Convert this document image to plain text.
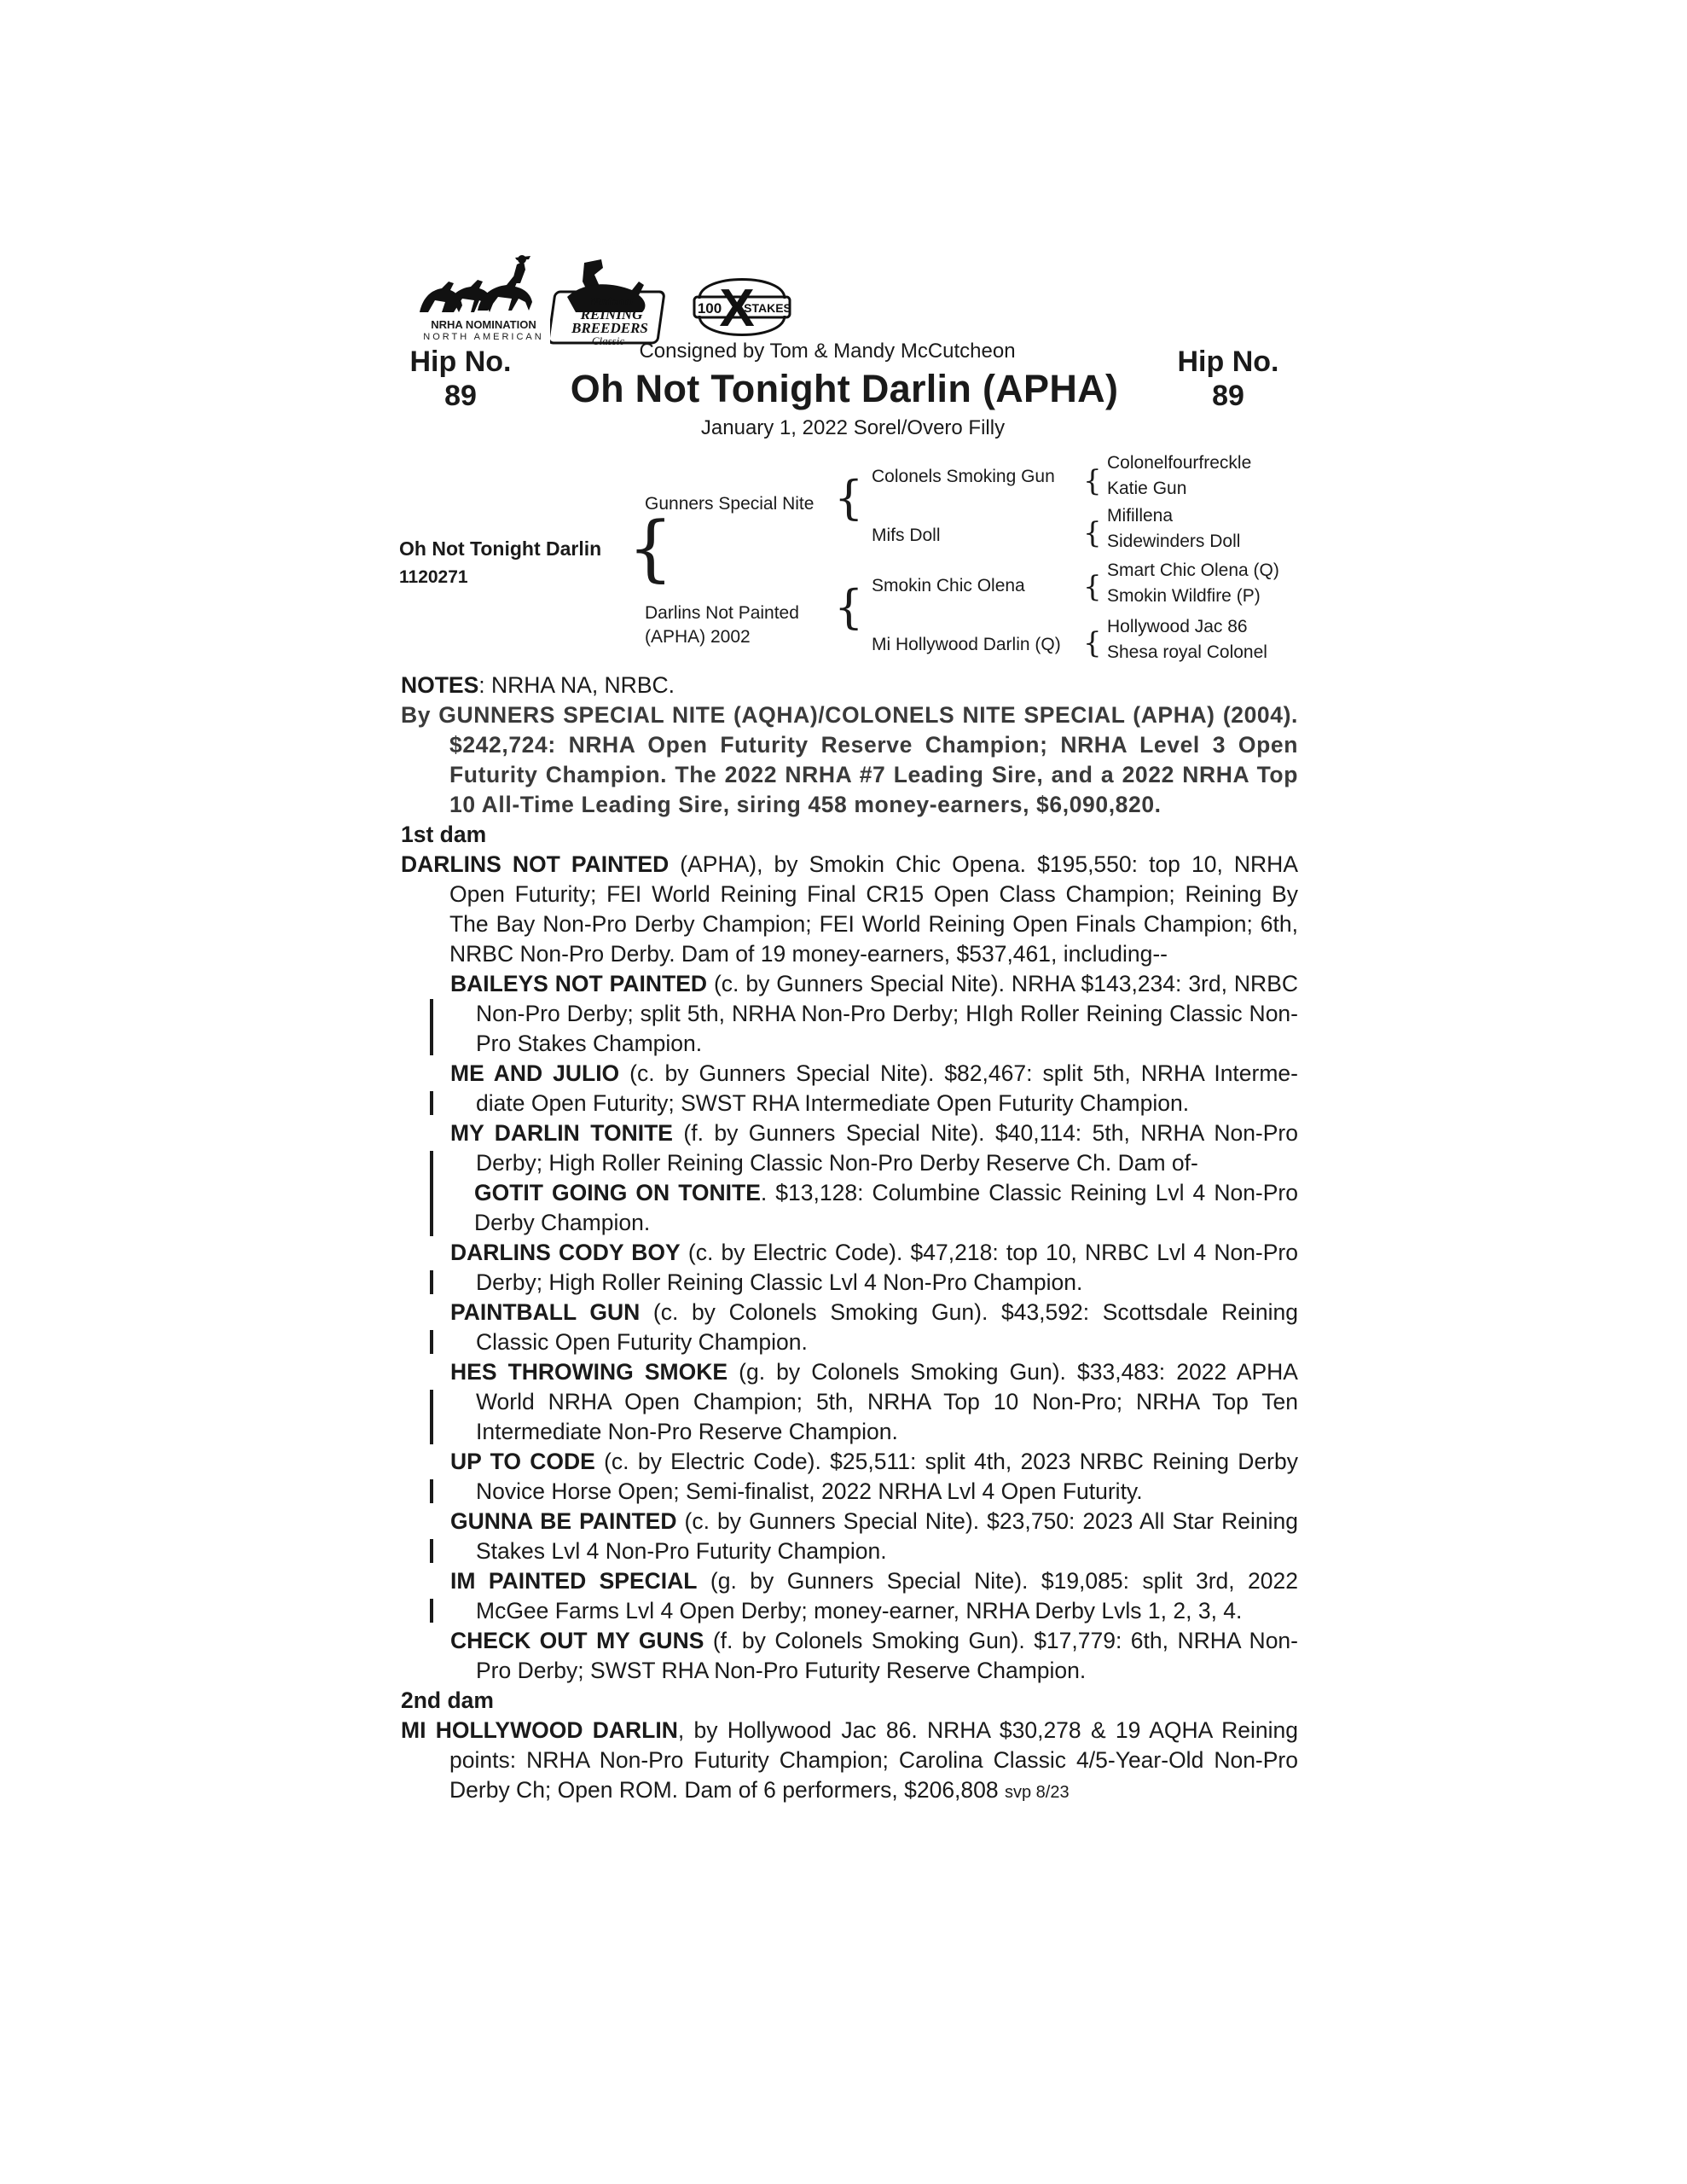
NRHA NOMINATION
NORTH AMERICAN
National
REINING
BREEDERS
Classic
100
X
STAKES
Hip No.
89
Hip No.
89
Consigned by Tom & Mandy McCutcheon
Oh Not Tonight Darlin (APHA)
January 1, 2022 Sorel/Overo Filly
Oh Not Tonight Darlin
1120271 {
Gunners Special Nite
Darlins Not Painted
(APHA) 2002
{
{
Colonels Smoking Gun
Mifs Doll
Smokin Chic Olena
Mi Hollywood Darlin (Q)
{
{
{
{
Colonelfourfreckle
Katie Gun
Mifillena
Sidewinders Doll
Smart Chic Olena (Q)
Smokin Wildfire (P)
Hollywood Jac 86
Shesa royal Colonel

NOTES: NRHA NA, NRBC.

By GUNNERS SPECIAL NITE (AQHA)/COLONELS NITE SPECIAL (APHA) (2004). $242,724: NRHA Open Futurity Reserve Champion; NRHA Level 3 Open Futurity Champion. The 2022 NRHA #7 Leading Sire, and a 2022 NRHA Top 10 All-Time Leading Sire, siring 458 money-earners, $6,090,820.

1st dam

DARLINS NOT PAINTED (APHA), by Smokin Chic Opena. $195,550: top 10, NRHA Open Futurity; FEI World Reining Final CR15 Open Class Champion; Reining By The Bay Non-Pro Derby Champion; FEI World Reining Open Finals Champion; 6th, NRBC Non-Pro Derby. Dam of 19 money-earners, $537,461, including--

BAILEYS NOT PAINTED (c. by Gunners Special Nite). NRHA $143,234: 3rd, NRBC Non-Pro Derby; split 5th, NRHA Non-Pro Derby; HIgh Roller Reining Classic Non-Pro Stakes Champion.

ME AND JULIO (c. by Gunners Special Nite). $82,467: split 5th, NRHA Interme-diate Open Futurity; SWST RHA Intermediate Open Futurity Champion.

MY DARLIN TONITE (f. by Gunners Special Nite). $40,114: 5th, NRHA Non-Pro Derby; High Roller Reining Classic Non-Pro Derby Reserve Ch. Dam of-
GOTIT GOING ON TONITE. $13,128: Columbine Classic Reining Lvl 4 Non-Pro Derby Champion.

DARLINS CODY BOY (c. by Electric Code). $47,218: top 10, NRBC Lvl 4 Non-Pro Derby; High Roller Reining Classic Lvl 4 Non-Pro Champion.

PAINTBALL GUN (c. by Colonels Smoking Gun). $43,592: Scottsdale Reining Classic Open Futurity Champion.

HES THROWING SMOKE (g. by Colonels Smoking Gun). $33,483: 2022 APHA World NRHA Open Champion; 5th, NRHA Top 10 Non-Pro; NRHA Top Ten Intermediate Non-Pro Reserve Champion.

UP TO CODE (c. by Electric Code). $25,511: split 4th, 2023 NRBC Reining Derby Novice Horse Open; Semi-finalist, 2022 NRHA Lvl 4 Open Futurity.

GUNNA BE PAINTED (c. by Gunners Special Nite). $23,750: 2023 All Star Reining Stakes Lvl 4 Non-Pro Futurity Champion.

IM PAINTED SPECIAL (g. by Gunners Special Nite). $19,085: split 3rd, 2022 McGee Farms Lvl 4 Open Derby; money-earner, NRHA Derby Lvls 1, 2, 3, 4.

CHECK OUT MY GUNS (f. by Colonels Smoking Gun). $17,779: 6th, NRHA Non-Pro Derby; SWST RHA Non-Pro Futurity Reserve Champion.

2nd dam

MI HOLLYWOOD DARLIN, by Hollywood Jac 86. NRHA $30,278 & 19 AQHA Reining points: NRHA Non-Pro Futurity Champion; Carolina Classic 4/5-Year-Old Non-Pro Derby Ch; Open ROM. Dam of 6 performers, $206,808 svp 8/23
